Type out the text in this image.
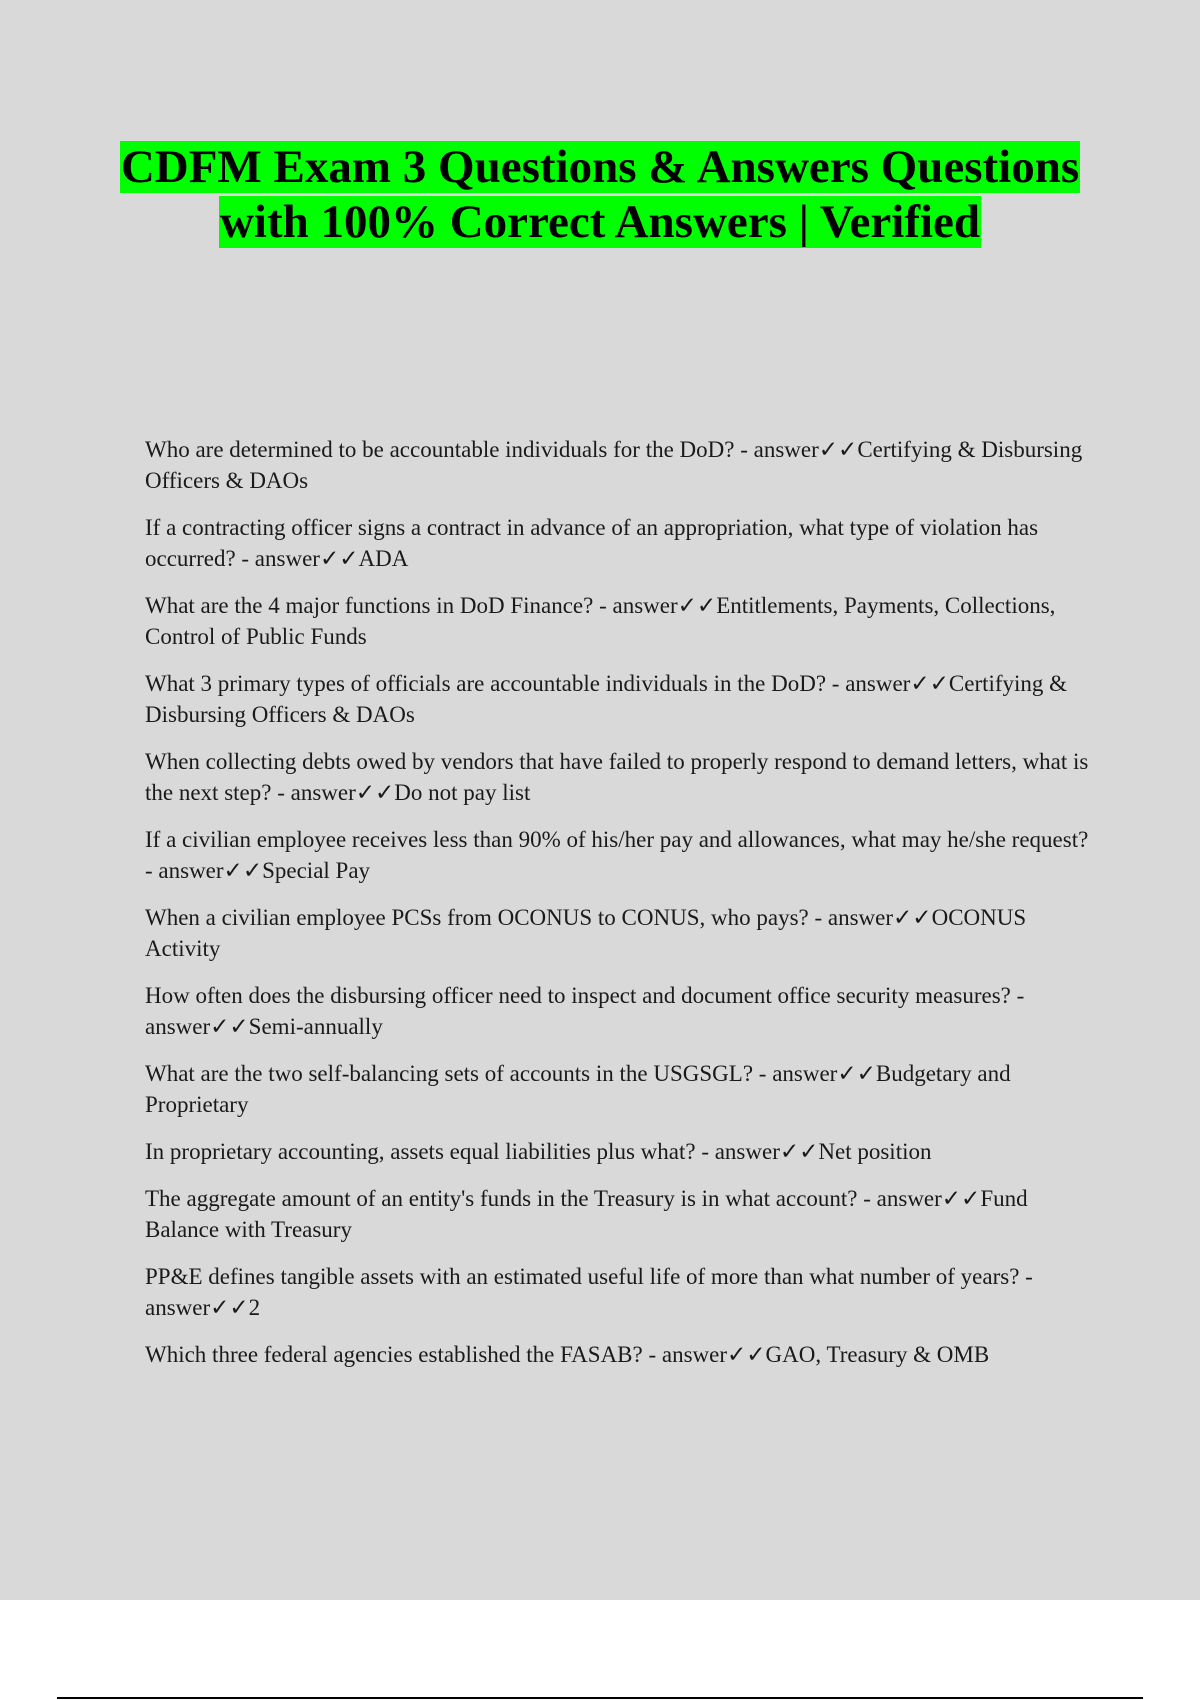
CDFM Exam 3 Questions & Answers Questions with 100% Correct Answers | Verified
Who are determined to be accountable individuals for the DoD? - answer✓✓Certifying & Disbursing Officers & DAOs
If a contracting officer signs a contract in advance of an appropriation, what type of violation has occurred? - answer✓✓ADA
What are the 4 major functions in DoD Finance? - answer✓✓Entitlements, Payments, Collections, Control of Public Funds
What 3 primary types of officials are accountable individuals in the DoD? - answer✓✓Certifying & Disbursing Officers & DAOs
When collecting debts owed by vendors that have failed to properly respond to demand letters, what is the next step? - answer✓✓Do not pay list
If a civilian employee receives less than 90% of his/her pay and allowances, what may he/she request? - answer✓✓Special Pay
When a civilian employee PCSs from OCONUS to CONUS, who pays? - answer✓✓OCONUS Activity
How often does the disbursing officer need to inspect and document office security measures? - answer✓✓Semi-annually
What are the two self-balancing sets of accounts in the USGSGL? - answer✓✓Budgetary and Proprietary
In proprietary accounting, assets equal liabilities plus what? - answer✓✓Net position
The aggregate amount of an entity's funds in the Treasury is in what account? - answer✓✓Fund Balance with Treasury
PP&E defines tangible assets with an estimated useful life of more than what number of years? - answer✓✓2
Which three federal agencies established the FASAB? - answer✓✓GAO, Treasury & OMB
